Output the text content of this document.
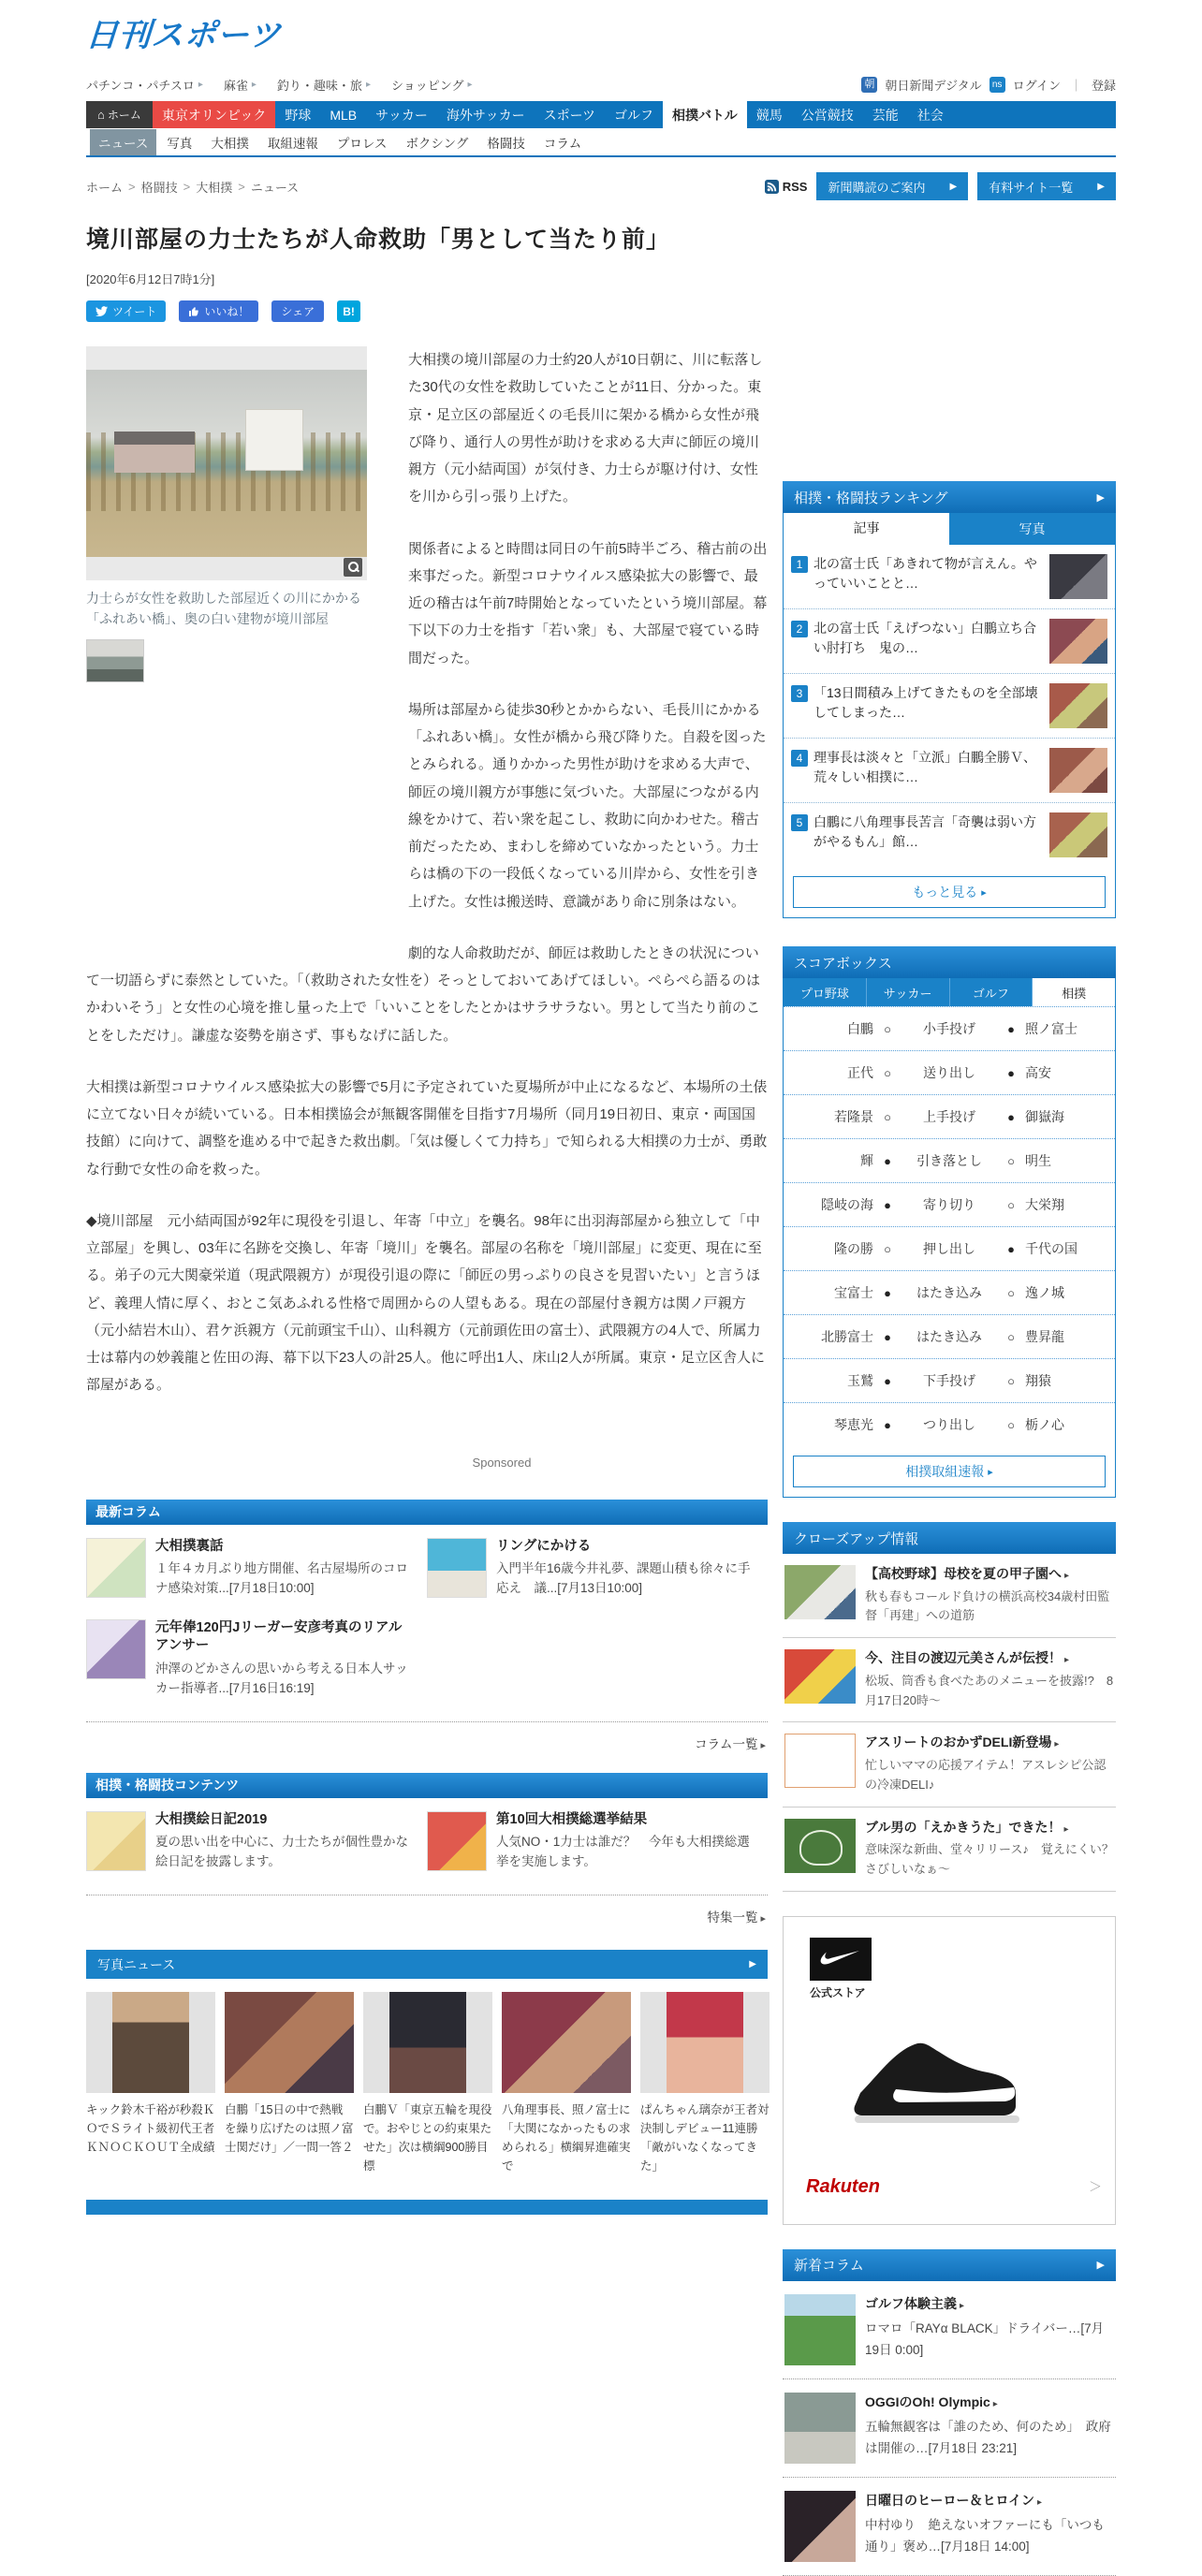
日刊スポーツ
パチンコ・パチスロ ▸	麻雀 ▸	釣り・趣味・旅 ▸	ショッピング ▸	朝 朝日新聞デジタル	ns ログイン ｜ 登録
⌂ ホーム	東京オリンピック	野球	MLB	サッカー	海外サッカー	スポーツ	ゴルフ	相撲バトル	競馬	公営競技	芸能	社会
ニュース	写真	大相撲	取組速報	プロレス	ボクシング	格闘技	コラム
ホーム > 格闘技 > 大相撲 > ニュース	RSS 新聞購読のご案内	▶	有料サイト一覧	▶
境川部屋の力士たちが人命救助「男として当たり前」
[2020年6月12日7時1分]
ツイート	いいね！	シェア	B!
力士らが女性を救助した部屋近くの川にかかる「ふれあい橋」、奥の白い建物が境川部屋

大相撲の境川部屋の力士約20人が10日朝に、川に転落した30代の女性を救助していたことが11日、分かった。東京・足立区の部屋近くの毛長川に架かる橋から女性が飛び降り、通行人の男性が助けを求める大声に師匠の境川親方（元小結両国）が気付き、力士らが駆け付け、女性を川から引っ張り上げた。

関係者によると時間は同日の午前5時半ごろ、稽古前の出来事だった。新型コロナウイルス感染拡大の影響で、最近の稽古は午前7時開始となっていたという境川部屋。幕下以下の力士を指す「若い衆」も、大部屋で寝ている時間だった。

場所は部屋から徒歩30秒とかからない、毛長川にかかる「ふれあい橋」。女性が橋から飛び降りた。自殺を図ったとみられる。通りかかった男性が助けを求める大声で、師匠の境川親方が事態に気づいた。大部屋につながる内線をかけて、若い衆を起こし、救助に向かわせた。稽古前だったため、まわしを締めていなかったという。力士らは橋の下の一段低くなっている川岸から、女性を引き上げた。女性は搬送時、意識があり命に別条はない。

劇的な人命救助だが、師匠は救助したときの状況について一切語らずに泰然としていた。「（救助された女性を）そっとしておいてあげてほしい。ぺらぺら語るのはかわいそう」と女性の心境を推し量った上で「いいことをしたとかはサラサラない。男として当たり前のことをしただけ」。謙虚な姿勢を崩さず、事もなげに話した。

大相撲は新型コロナウイルス感染拡大の影響で5月に予定されていた夏場所が中止になるなど、本場所の土俵に立てない日々が続いている。日本相撲協会が無観客開催を目指す7月場所（同月19日初日、東京・両国国技館）に向けて、調整を進める中で起きた救出劇。「気は優しくて力持ち」で知られる大相撲の力士が、勇敢な行動で女性の命を救った。

◆境川部屋　元小結両国が92年に現役を引退し、年寄「中立」を襲名。98年に出羽海部屋から独立して「中立部屋」を興し、03年に名跡を交換し、年寄「境川」を襲名。部屋の名称を「境川部屋」に変更、現在に至る。弟子の元大関豪栄道（現武隈親方）が現役引退の際に「師匠の男っぷりの良さを見習いたい」と言うほど、義理人情に厚く、おとこ気あふれる性格で周囲からの人望もある。現在の部屋付き親方は関ノ戸親方（元小結岩木山）、君ケ浜親方（元前頭宝千山）、山科親方（元前頭佐田の富士）、武隈親方の4人で、所属力士は幕内の妙義龍と佐田の海、幕下以下23人の計25人。他に呼出1人、床山2人が所属。東京・足立区舎人に部屋がある。

Sponsored
最新コラム
大相撲裏話
１年４カ月ぶり地方開催、名古屋場所のコロナ感染対策...[7月18日10:00]
リングにかける
入門半年16歳今井礼夢、課題山積も徐々に手応え　議...[7月13日10:00]
元年俸120円Jリーガー安彦考真のリアルアンサー
沖澤のどかさんの思いから考える日本人サッカー指導者...[7月16日16:19]
コラム一覧 ▸
相撲・格闘技コンテンツ
大相撲絵日記2019
夏の思い出を中心に、力士たちが個性豊かな絵日記を披露します。
第10回大相撲総選挙結果
人気NO・1力士は誰だ？　今年も大相撲総選挙を実施します。
特集一覧 ▸
写真ニュース	▶
キック鈴木千裕が秒殺ＫＯでＳライト級初代王者　ＫＮＯＣＫＯＵＴ全成績
白鵬「15日の中で熱戦を繰り広げたのは照ノ富士関だけ」／一問一答２
白鵬Ｖ「東京五輪を現役で。おやじとの約束果たせた」次は横綱900勝目標
八角理事長、照ノ富士に「大関になかったもの求められる」横綱昇進確実で
ぱんちゃん璃奈が王者対決制しデビュー11連勝「敵がいなくなってきた」
相撲・格闘技ランキング	▶
記事	写真
1 北の富士氏「あきれて物が言えん。やっていいことと…
2 北の富士氏「えげつない」白鵬立ち合い肘打ち　鬼の…
3 「13日間積み上げてきたものを全部壊してしまった…
4 理事長は淡々と「立派」白鵬全勝Ｖ、荒々しい相撲に…
5 白鵬に八角理事長苦言「奇襲は弱い方がやるもん」館…
もっと見る ▸
スコアボックス
プロ野球	サッカー	ゴルフ	相撲
白鵬 ○	小手投げ	● 照ノ富士
正代 ○	送り出し	● 高安
若隆景 ○	上手投げ	● 御嶽海
輝 ●	引き落とし	○ 明生
隠岐の海 ●	寄り切り	○ 大栄翔
隆の勝 ○	押し出し	● 千代の国
宝富士 ●	はたき込み	○ 逸ノ城
北勝富士 ●	はたき込み	○ 豊昇龍
玉鷲 ●	下手投げ	○ 翔猿
琴恵光 ●	つり出し	○ 栃ノ心
相撲取組速報 ▸
クローズアップ情報
【高校野球】母校を夏の甲子園へ ▸
秋も春もコールド負けの横浜高校34歳村田監督「再建」への道筋
今、注目の渡辺元美さんが伝授！ ▸
松坂、筒香も食べたあのメニューを披露!?　8月17日20時～
アスリートのおかずDELI新登場 ▸
忙しいママの応援アイテム！アスレシピ公認の冷凍DELI♪
ブル男の「えかきうた」できた！ ▸
意味深な新曲、堂々リリース♪　覚えにくい？さびしいなぁ～
公式ストア
Rakuten	＞
新着コラム	▶
ゴルフ体験主義 ▸
ロマロ「RAYα BLACK」ドライバー…[7月19日 0:00]
OGGIのOh! Olympic ▸
五輪無観客は「誰のため、何のため」　政府は開催の…[7月18日 23:21]
日曜日のヒーロー＆ヒロイン ▸
中村ゆり　絶えないオファーにも「いつも通り」褒め…[7月18日 14:00]
